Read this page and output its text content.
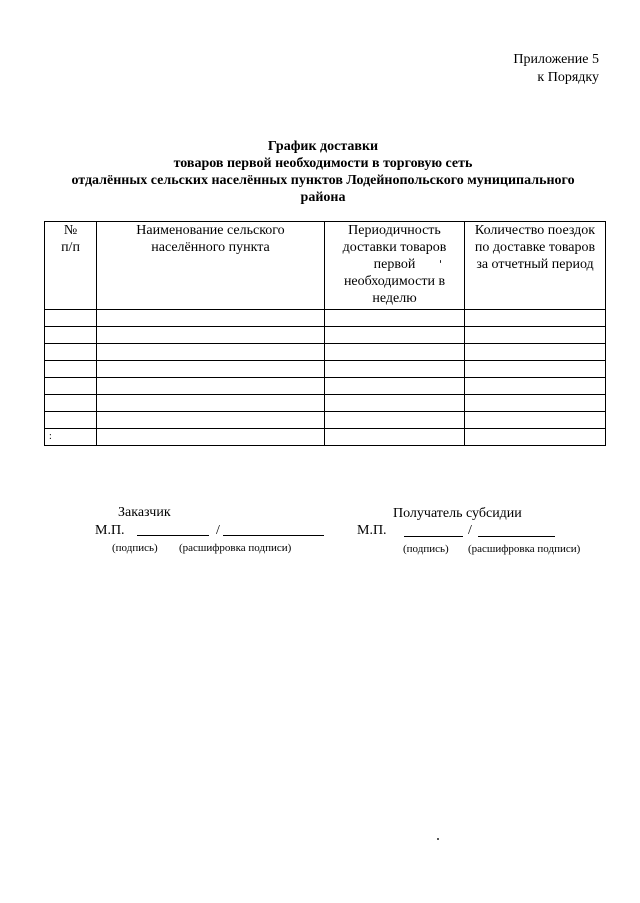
Приложение 5
к Порядку
График доставки
товаров первой необходимости в торговую сеть
отдалённых сельских населённых пунктов Лодейнопольского муниципального
района
№ п/п	Наименование сельского населённого пункта	Периодичность доставки товаров первой необходимости в неделю	Количество поездок по доставке товаров за отчетный период

:			
Заказчик
М.П.	/
(подпись) (расшифровка подписи)
Получатель субсидии
М.П.	/
(подпись) (расшифровка подписи)
